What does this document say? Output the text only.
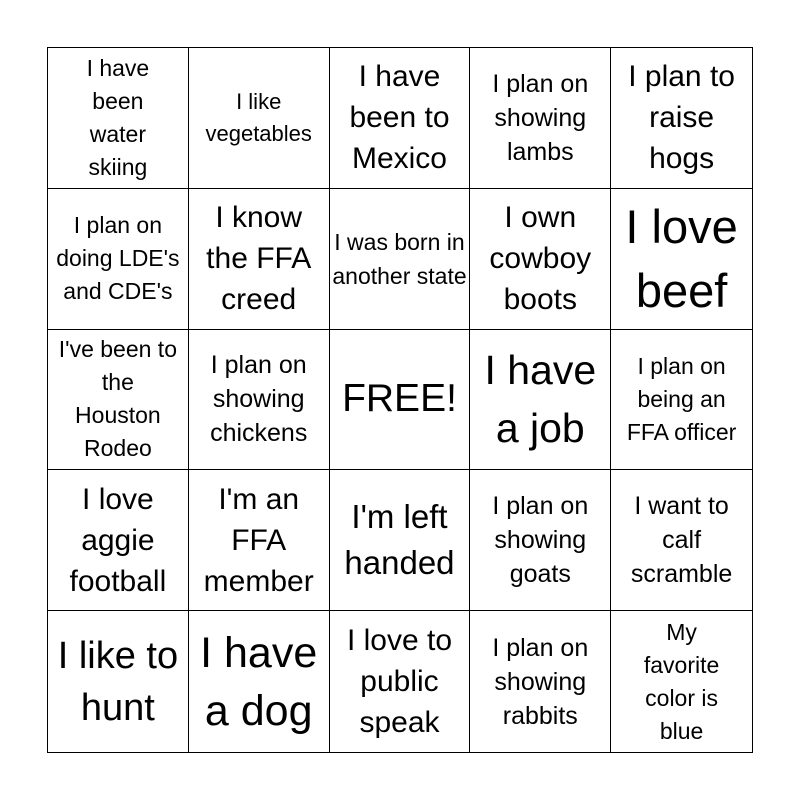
I have been water skiing
I like vegetables
I have been to Mexico
I plan on showing lambs
I plan to raise hogs
I plan on doing LDE's and CDE's
I know the FFA creed
I was born in another state
I own cowboy boots
I love beef
I've been to the Houston Rodeo
I plan on showing chickens
FREE!
I have a job
I plan on being an FFA officer
I love aggie football
I'm an FFA member
I'm left handed
I plan on showing goats
I want to calf scramble
I like to hunt
I have a dog
I love to public speak
I plan on showing rabbits
My favorite color is blue
